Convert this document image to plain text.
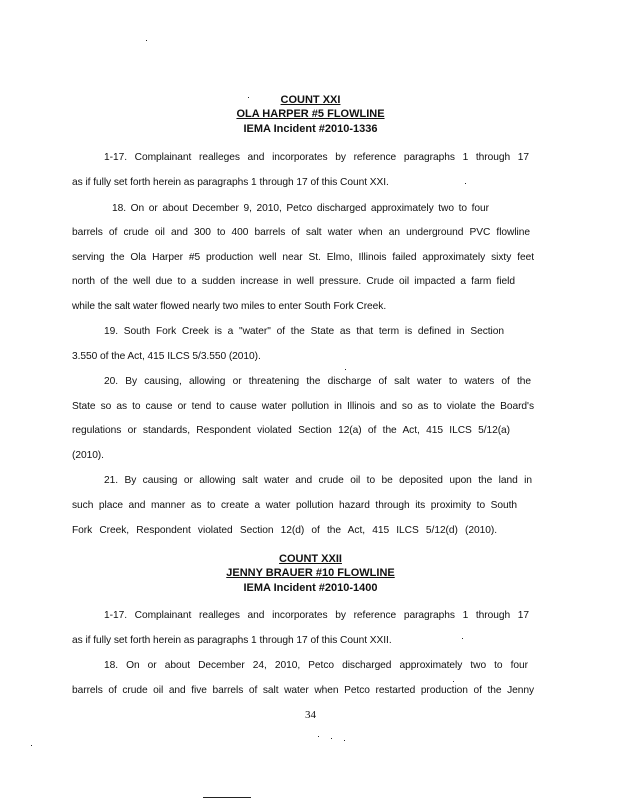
COUNT XXI
OLA HARPER #5 FLOWLINE
IEMA Incident #2010-1336
1-17. Complainant realleges and incorporates by reference paragraphs 1 through 17
as if fully set forth herein as paragraphs 1 through 17 of this Count XXI.
18. On or about December 9, 2010, Petco discharged approximately two to four
barrels of crude oil and 300 to 400 barrels of salt water when an underground PVC flowline
serving the Ola Harper #5 production well near St. Elmo, Illinois failed approximately sixty feet
north of the well due to a sudden increase in well pressure. Crude oil impacted a farm field
while the salt water flowed nearly two miles to enter South Fork Creek.
19. South Fork Creek is a "water" of the State as that term is defined in Section
3.550 of the Act, 415 ILCS 5/3.550 (2010).
20. By causing, allowing or threatening the discharge of salt water to waters of the
State so as to cause or tend to cause water pollution in Illinois and so as to violate the Board's
regulations or standards, Respondent violated Section 12(a) of the Act, 415 ILCS 5/12(a)
(2010).
21. By causing or allowing salt water and crude oil to be deposited upon the land in
such place and manner as to create a water pollution hazard through its proximity to South
Fork Creek, Respondent violated Section 12(d) of the Act, 415 ILCS 5/12(d) (2010).
COUNT XXII
JENNY BRAUER #10 FLOWLINE
IEMA Incident #2010-1400
1-17. Complainant realleges and incorporates by reference paragraphs 1 through 17
as if fully set forth herein as paragraphs 1 through 17 of this Count XXII.
18. On or about December 24, 2010, Petco discharged approximately two to four
barrels of crude oil and five barrels of salt water when Petco restarted production of the Jenny
34
